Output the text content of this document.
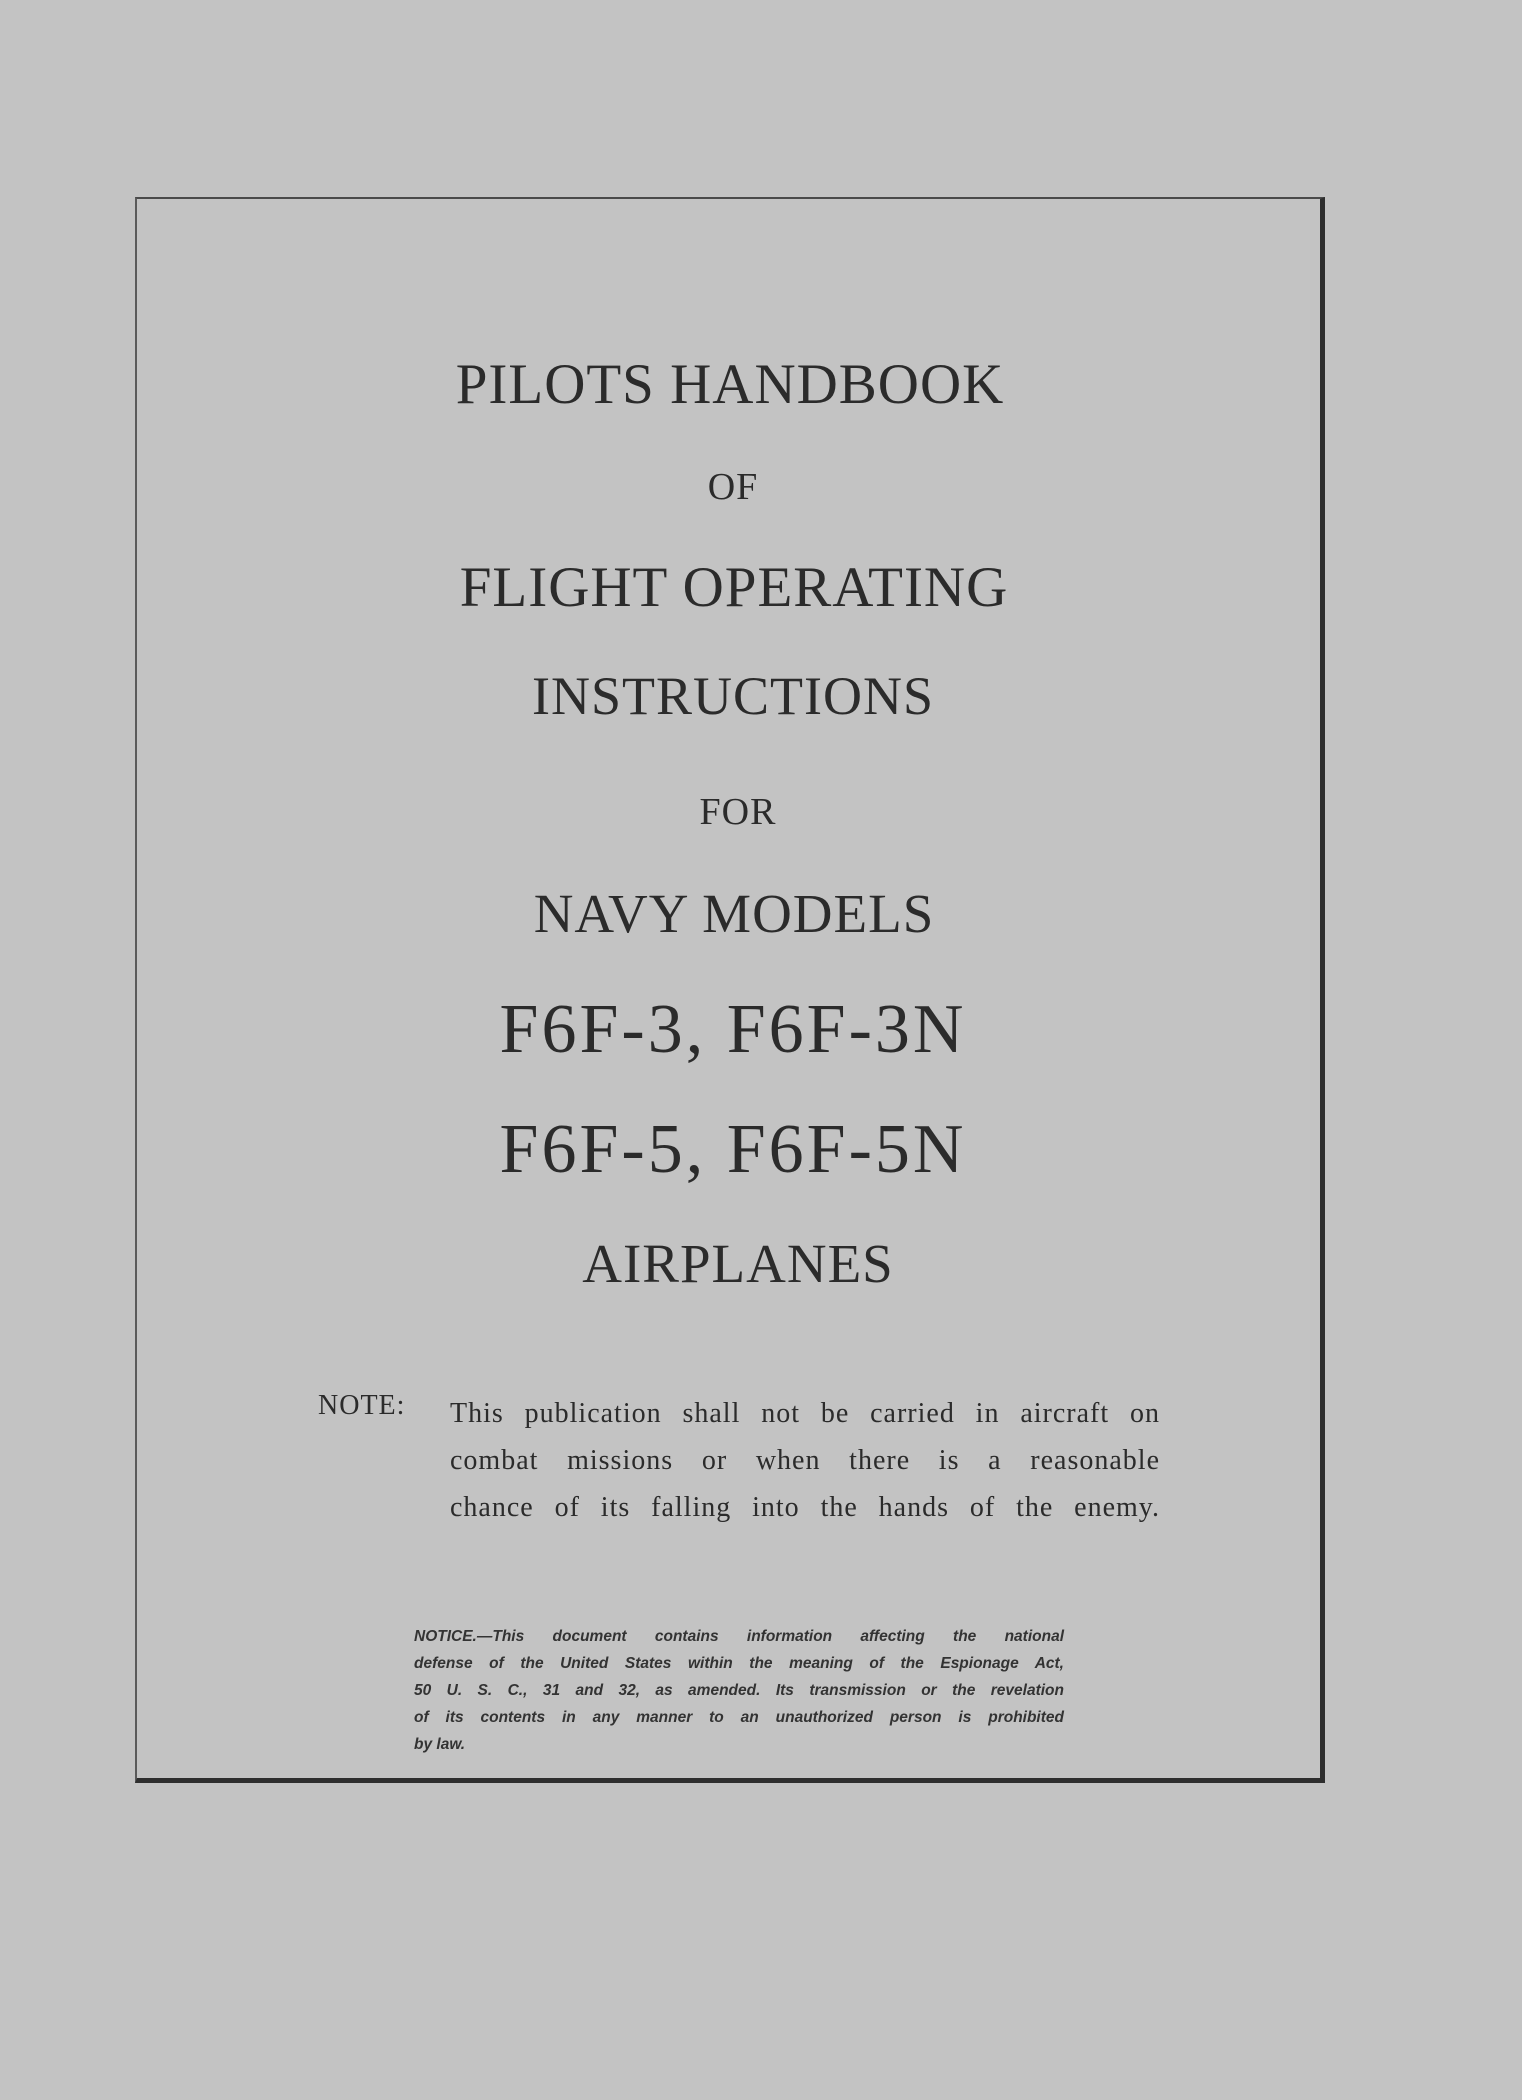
PILOTS HANDBOOK
OF
FLIGHT OPERATING
INSTRUCTIONS
FOR
NAVY MODELS
F6F-3, F6F-3N
F6F-5, F6F-5N
AIRPLANES
NOTE: This publication shall not be carried in aircraft on
combat missions or when there is a reasonable
chance of its falling into the hands of the enemy.
NOTICE.—This document contains information affecting the national
defense of the United States within the meaning of the Espionage Act,
50 U. S. C., 31 and 32, as amended. Its transmission or the revelation
of its contents in any manner to an unauthorized person is prohibited
by law.
